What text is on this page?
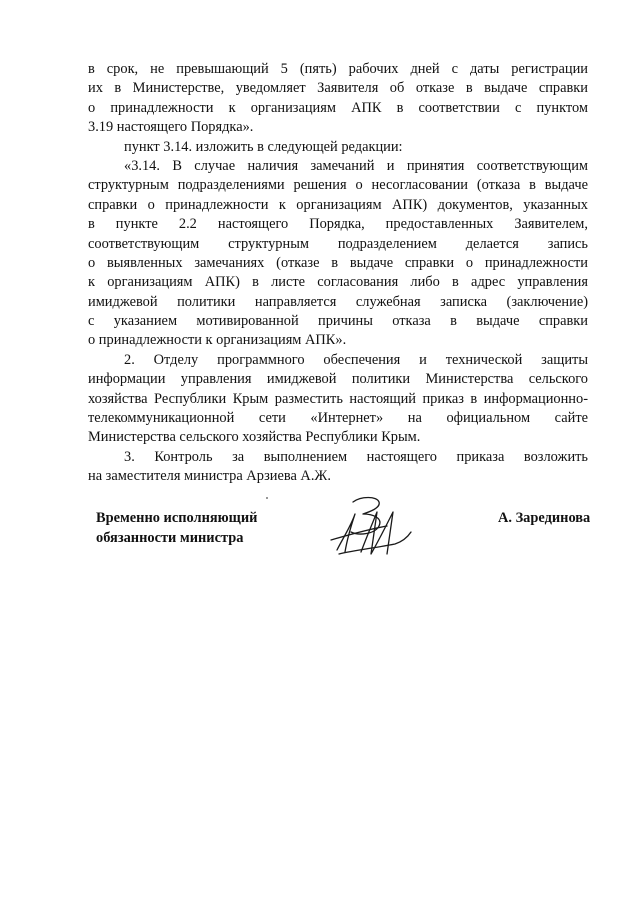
в срок, не превышающий 5 (пять) рабочих дней с даты регистрации
их в Министерстве, уведомляет Заявителя об отказе в выдаче справки
о принадлежности к организациям АПК в соответствии с пунктом
3.19 настоящего Порядка».
пункт 3.14. изложить в следующей редакции:
«3.14. В случае наличия замечаний и принятия соответствующим
структурным подразделениями решения о несогласовании (отказа в выдаче
справки о принадлежности к организациям АПК) документов, указанных
в пункте 2.2 настоящего Порядка, предоставленных Заявителем,
соответствующим структурным подразделением делается запись
о выявленных замечаниях (отказе в выдаче справки о принадлежности
к организациям АПК) в листе согласования либо в адрес управления
имиджевой политики направляется служебная записка (заключение)
с указанием мотивированной причины отказа в выдаче справки
о принадлежности к организациям АПК».
2. Отделу программного обеспечения и технической защиты
информации управления имиджевой политики Министерства сельского
хозяйства Республики Крым разместить настоящий приказ в информационно-
телекоммуникационной сети «Интернет» на официальном сайте
Министерства сельского хозяйства Республики Крым.
3. Контроль за выполнением настоящего приказа возложить
на заместителя министра Арзиева А.Ж.
Временно исполняющий
обязанности министра
А. Зарединова
